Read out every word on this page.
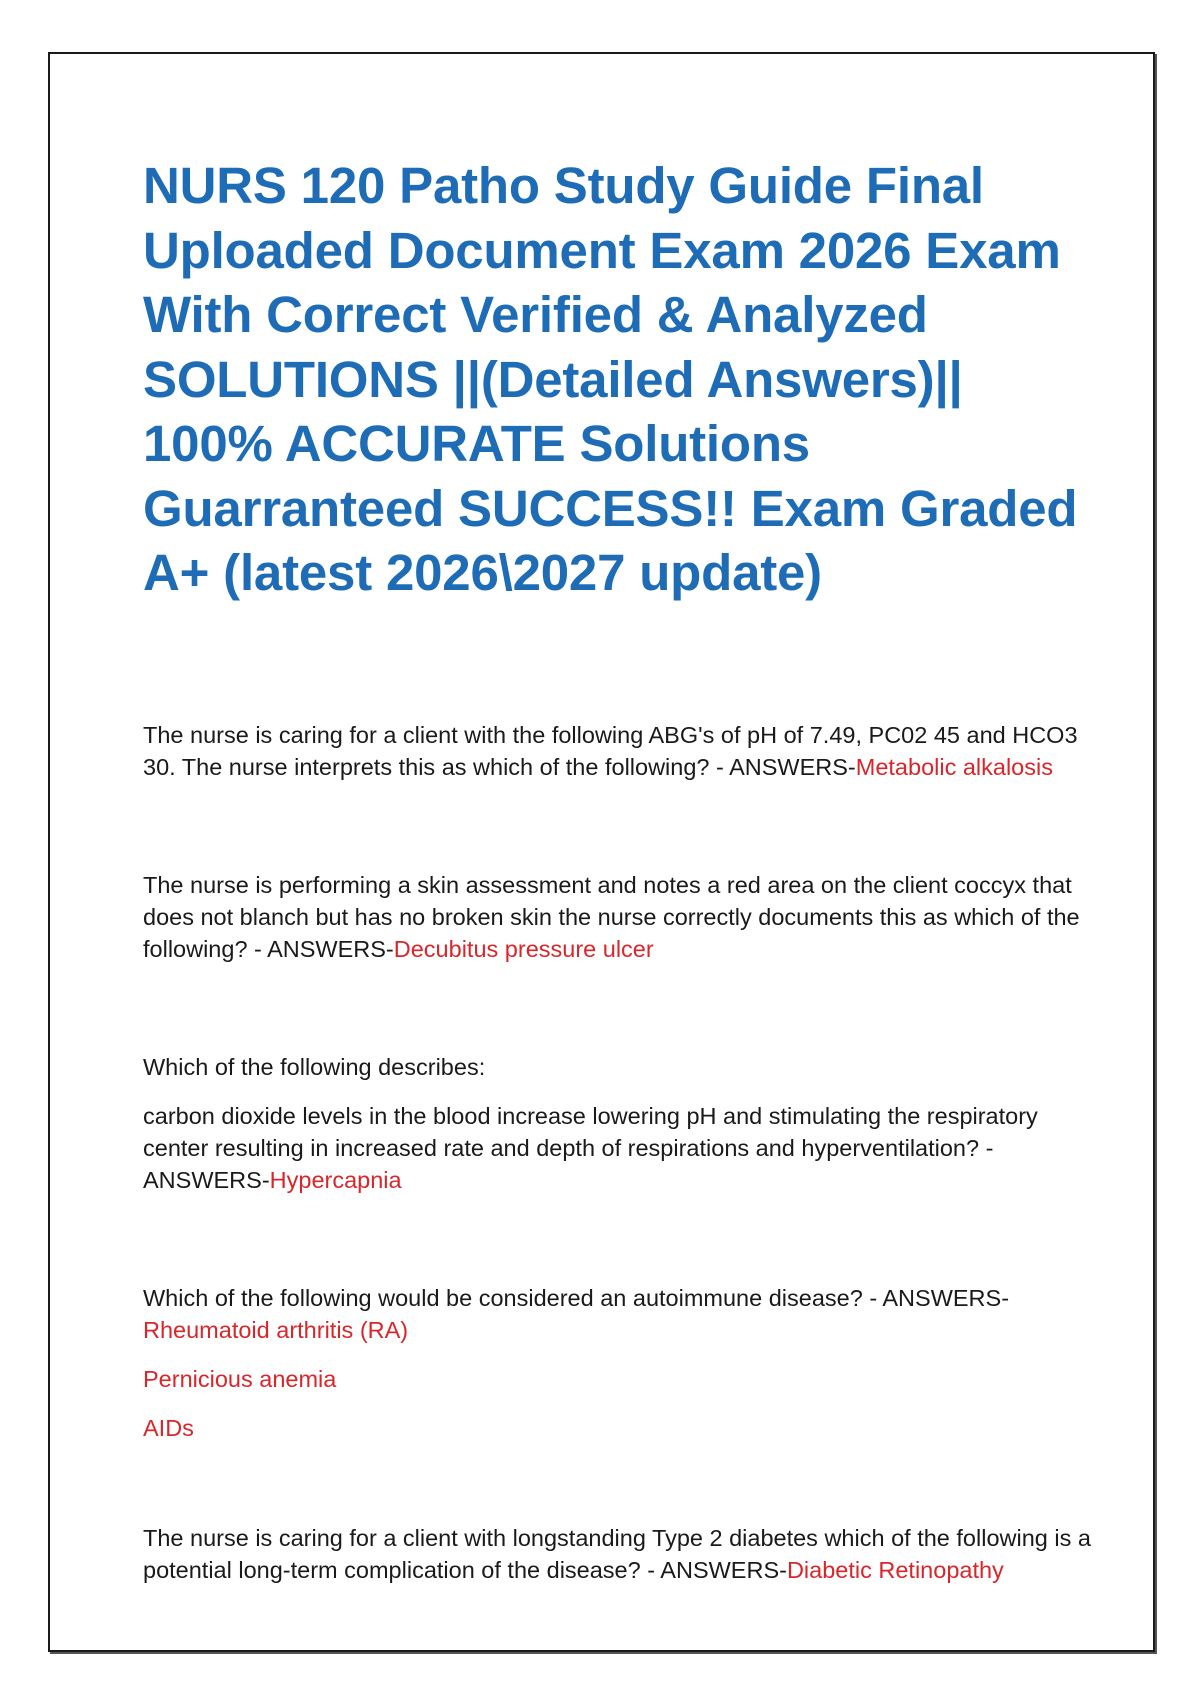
NURS 120 Patho Study Guide Final Uploaded Document Exam 2026 Exam With Correct Verified & Analyzed SOLUTIONS ||(Detailed Answers)|| 100% ACCURATE Solutions Guarranteed SUCCESS!! Exam Graded A+ (latest 2026\2027 update)

The nurse is caring for a client with the following ABG's of pH of 7.49, PC02 45 and HCO3 30. The nurse interprets this as which of the following? - ANSWERS-Metabolic alkalosis

The nurse is performing a skin assessment and notes a red area on the client coccyx that does not blanch but has no broken skin the nurse correctly documents this as which of the following? - ANSWERS-Decubitus pressure ulcer

Which of the following describes:

carbon dioxide levels in the blood increase lowering pH and stimulating the respiratory center resulting in increased rate and depth of respirations and hyperventilation? - ANSWERS-Hypercapnia

Which of the following would be considered an autoimmune disease? - ANSWERS-Rheumatoid arthritis (RA)

Pernicious anemia

AIDs

The nurse is caring for a client with longstanding Type 2 diabetes which of the following is a potential long-term complication of the disease? - ANSWERS-Diabetic Retinopathy
